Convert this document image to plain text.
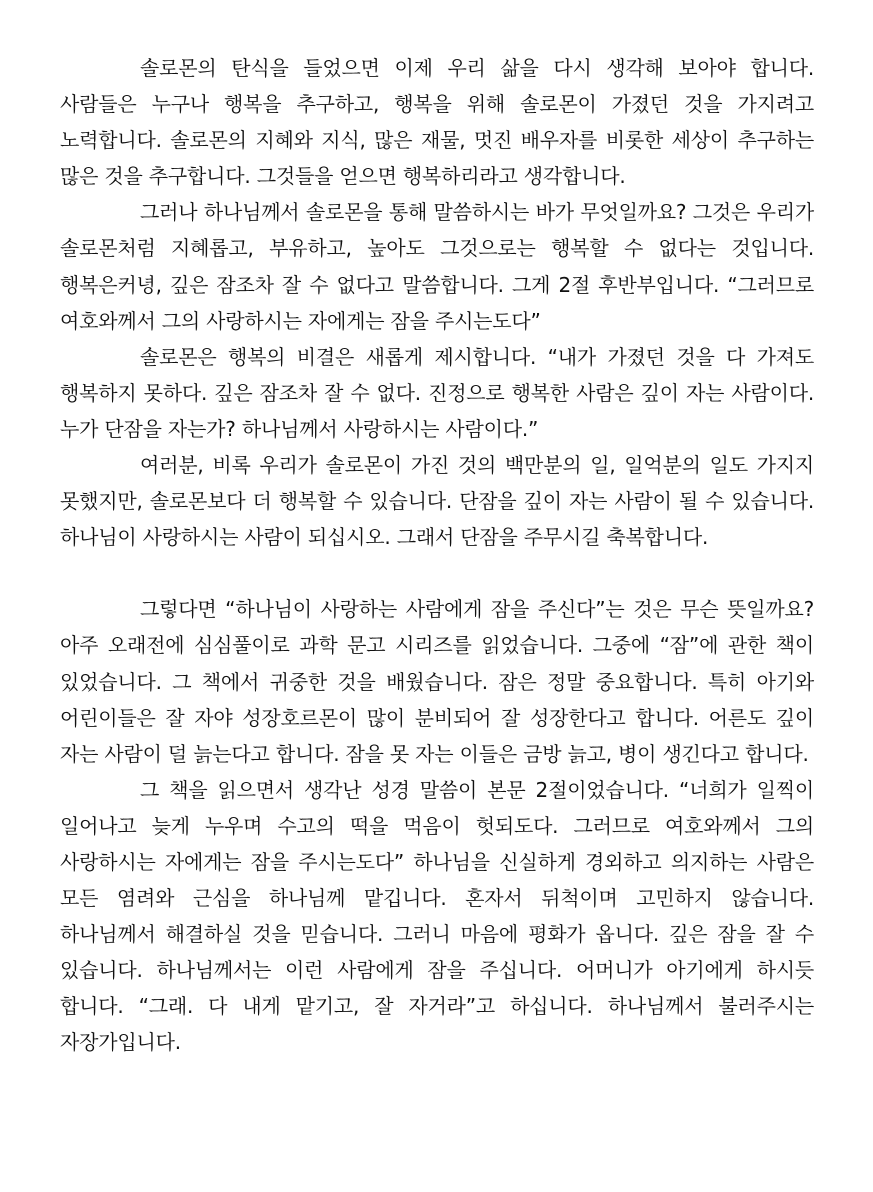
솔로몬의 탄식을 들었으면 이제 우리 삶을 다시 생각해 보아야 합니다. 사람들은 누구나 행복을 추구하고, 행복을 위해 솔로몬이 가졌던 것을 가지려고 노력합니다. 솔로몬의 지혜와 지식, 많은 재물, 멋진 배우자를 비롯한 세상이 추구하는 많은 것을 추구합니다. 그것들을 얻으면 행복하리라고 생각합니다.

그러나 하나님께서 솔로몬을 통해 말씀하시는 바가 무엇일까요? 그것은 우리가 솔로몬처럼 지혜롭고, 부유하고, 높아도 그것으로는 행복할 수 없다는 것입니다. 행복은커녕, 깊은 잠조차 잘 수 없다고 말씀합니다. 그게 2절 후반부입니다. “그러므로 여호와께서 그의 사랑하시는 자에게는 잠을 주시는도다”

솔로몬은 행복의 비결은 새롭게 제시합니다. “내가 가졌던 것을 다 가져도 행복하지 못하다. 깊은 잠조차 잘 수 없다. 진정으로 행복한 사람은 깊이 자는 사람이다. 누가 단잠을 자는가? 하나님께서 사랑하시는 사람이다.”

여러분, 비록 우리가 솔로몬이 가진 것의 백만분의 일, 일억분의 일도 가지지 못했지만, 솔로몬보다 더 행복할 수 있습니다. 단잠을 깊이 자는 사람이 될 수 있습니다. 하나님이 사랑하시는 사람이 되십시오. 그래서 단잠을 주무시길 축복합니다.

그렇다면 “하나님이 사랑하는 사람에게 잠을 주신다”는 것은 무슨 뜻일까요? 아주 오래전에 심심풀이로 과학 문고 시리즈를 읽었습니다. 그중에 “잠”에 관한 책이 있었습니다. 그 책에서 귀중한 것을 배웠습니다. 잠은 정말 중요합니다. 특히 아기와 어린이들은 잘 자야 성장호르몬이 많이 분비되어 잘 성장한다고 합니다. 어른도 깊이 자는 사람이 덜 늙는다고 합니다. 잠을 못 자는 이들은 금방 늙고, 병이 생긴다고 합니다.

그 책을 읽으면서 생각난 성경 말씀이 본문 2절이었습니다. “너희가 일찍이 일어나고 늦게 누우며 수고의 떡을 먹음이 헛되도다. 그러므로 여호와께서 그의 사랑하시는 자에게는 잠을 주시는도다” 하나님을 신실하게 경외하고 의지하는 사람은 모든 염려와 근심을 하나님께 맡깁니다. 혼자서 뒤척이며 고민하지 않습니다. 하나님께서 해결하실 것을 믿습니다. 그러니 마음에 평화가 옵니다. 깊은 잠을 잘 수 있습니다. 하나님께서는 이런 사람에게 잠을 주십니다. 어머니가 아기에게 하시듯 합니다. “그래. 다 내게 맡기고, 잘 자거라”고 하십니다. 하나님께서 불러주시는 자장가입니다.
